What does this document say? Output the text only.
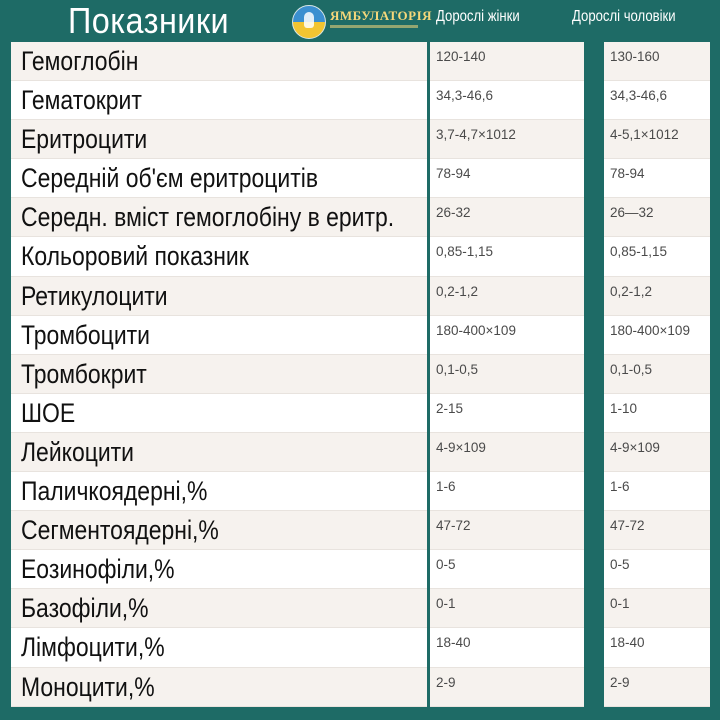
Показники	ЯМБУЛАТОРІЯ Дорослі жінки	Дорослі чоловіки
Гемоглобін
Гематокрит
Еритроцити
Середній об'єм еритроцитів
Середн. вміст гемоглобіну в еритр.
Кольоровий показник
Ретикулоцити
Тромбоцити
Тромбокрит
ШОЕ
Лейкоцити
Паличкоядерні,%
Сегментоядерні,%
Еозинофіли,%
Базофіли,%
Лімфоцити,%
Моноцити,%
120-140
34,3-46,6
3,7-4,7×1012
78-94
26-32
0,85-1,15
0,2-1,2
180-400×109
0,1-0,5
2-15
4-9×109
1-6
47-72
0-5
0-1
18-40
2-9
130-160
34,3-46,6
4-5,1×1012
78-94
26—32
0,85-1,15
0,2-1,2
180-400×109
0,1-0,5
1-10
4-9×109
1-6
47-72
0-5
0-1
18-40
2-9
